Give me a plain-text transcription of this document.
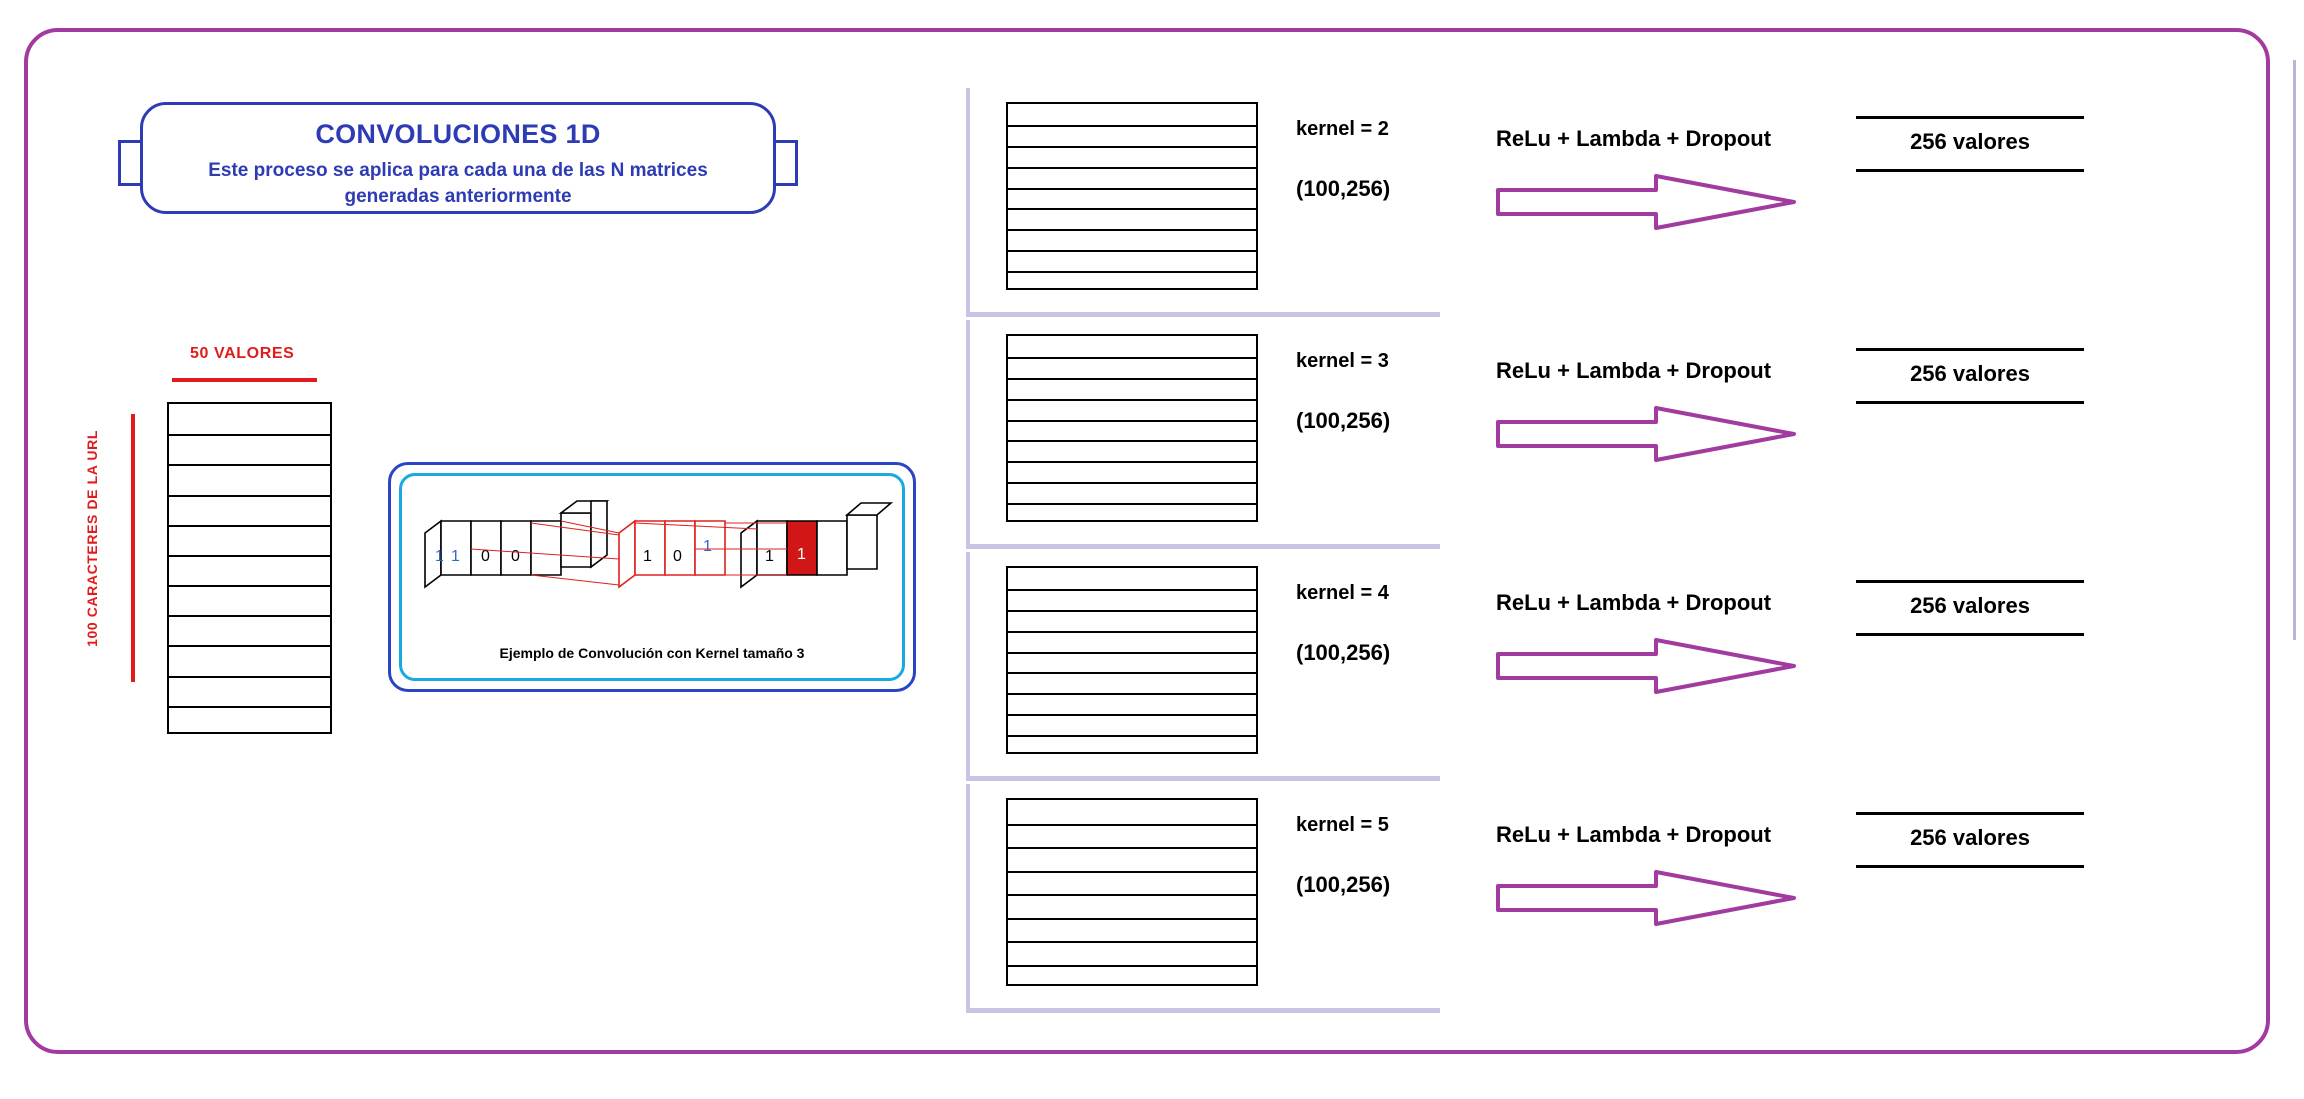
CONVOLUCIONES 1D
Este proceso se aplica para cada una de las N matrices generadas anteriormente
50 VALORES
100 CARACTERES DE LA URL	1 1 0 0	1 0
1
1 1
Ejemplo de Convolución con Kernel tamaño 3
kernel = 2
(100,256)
ReLu + Lambda + Dropout	256 valores
kernel = 3
(100,256)
ReLu + Lambda + Dropout	256 valores
kernel = 4
(100,256)
ReLu + Lambda + Dropout	256 valores
kernel = 5
(100,256)
ReLu + Lambda + Dropout	256 valores
